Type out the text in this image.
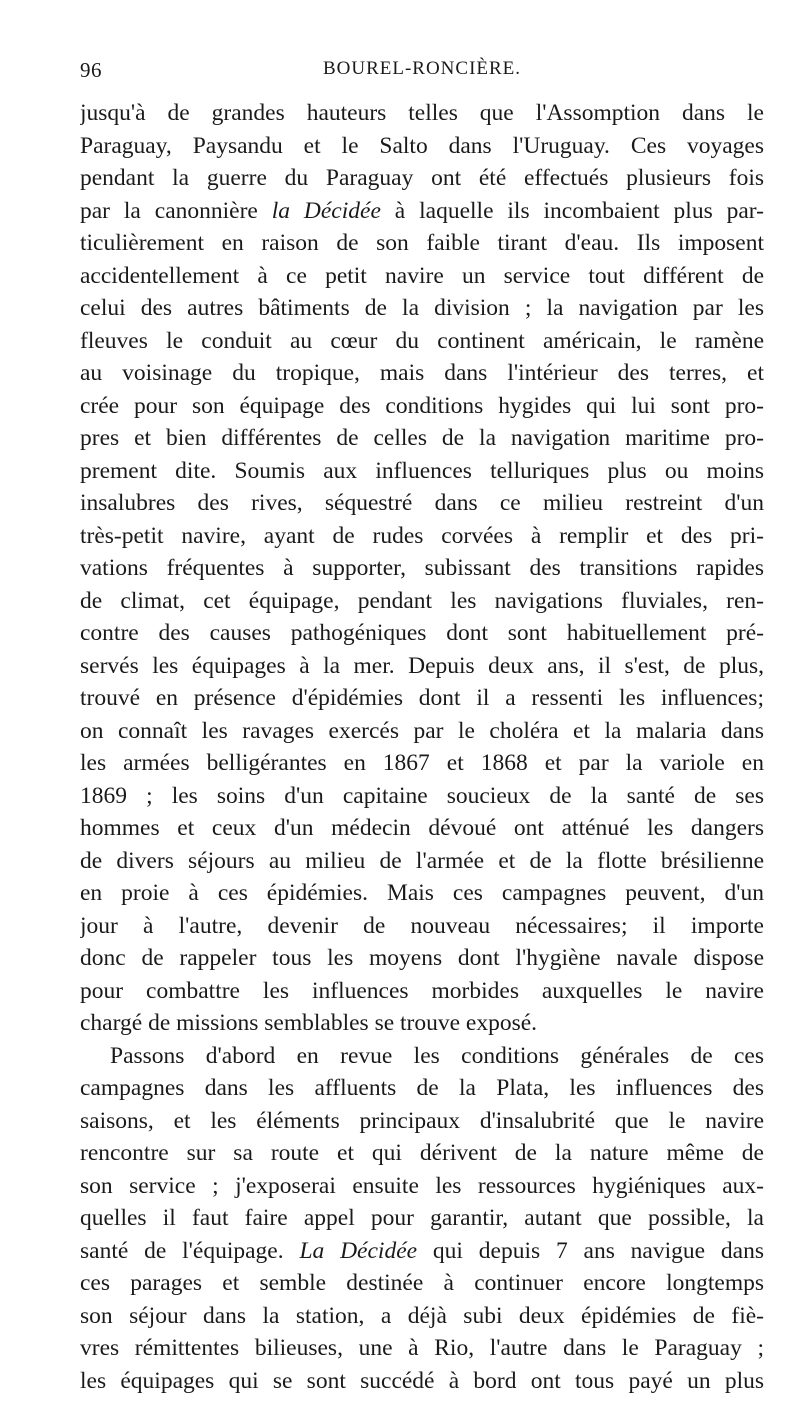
96	BOUREL-RONCIÈRE.
jusqu'à de grandes hauteurs telles que l'Assomption dans le
Paraguay, Paysandu et le Salto dans l'Uruguay. Ces voyages
pendant la guerre du Paraguay ont été effectués plusieurs fois
par la canonnière la Décidée à laquelle ils incombaient plus par-
ticulièrement en raison de son faible tirant d'eau. Ils imposent
accidentellement à ce petit navire un service tout différent de
celui des autres bâtiments de la division ; la navigation par les
fleuves le conduit au cœur du continent américain, le ramène
au voisinage du tropique, mais dans l'intérieur des terres, et
crée pour son équipage des conditions hygides qui lui sont pro-
pres et bien différentes de celles de la navigation maritime pro-
prement dite. Soumis aux influences telluriques plus ou moins
insalubres des rives, séquestré dans ce milieu restreint d'un
très-petit navire, ayant de rudes corvées à remplir et des pri-
vations fréquentes à supporter, subissant des transitions rapides
de climat, cet équipage, pendant les navigations fluviales, ren-
contre des causes pathogéniques dont sont habituellement pré-
servés les équipages à la mer. Depuis deux ans, il s'est, de plus,
trouvé en présence d'épidémies dont il a ressenti les influences;
on connaît les ravages exercés par le choléra et la malaria dans
les armées belligérantes en 1867 et 1868 et par la variole en
1869 ; les soins d'un capitaine soucieux de la santé de ses
hommes et ceux d'un médecin dévoué ont atténué les dangers
de divers séjours au milieu de l'armée et de la flotte brésilienne
en proie à ces épidémies. Mais ces campagnes peuvent, d'un
jour à l'autre, devenir de nouveau nécessaires; il importe
donc de rappeler tous les moyens dont l'hygiène navale dispose
pour combattre les influences morbides auxquelles le navire
chargé de missions semblables se trouve exposé.
Passons d'abord en revue les conditions générales de ces
campagnes dans les affluents de la Plata, les influences des
saisons, et les éléments principaux d'insalubrité que le navire
rencontre sur sa route et qui dérivent de la nature même de
son service ; j'exposerai ensuite les ressources hygiéniques aux-
quelles il faut faire appel pour garantir, autant que possible, la
santé de l'équipage. La Décidée qui depuis 7 ans navigue dans
ces parages et semble destinée à continuer encore longtemps
son séjour dans la station, a déjà subi deux épidémies de fiè-
vres rémittentes bilieuses, une à Rio, l'autre dans le Paraguay ;
les équipages qui se sont succédé à bord ont tous payé un plus
